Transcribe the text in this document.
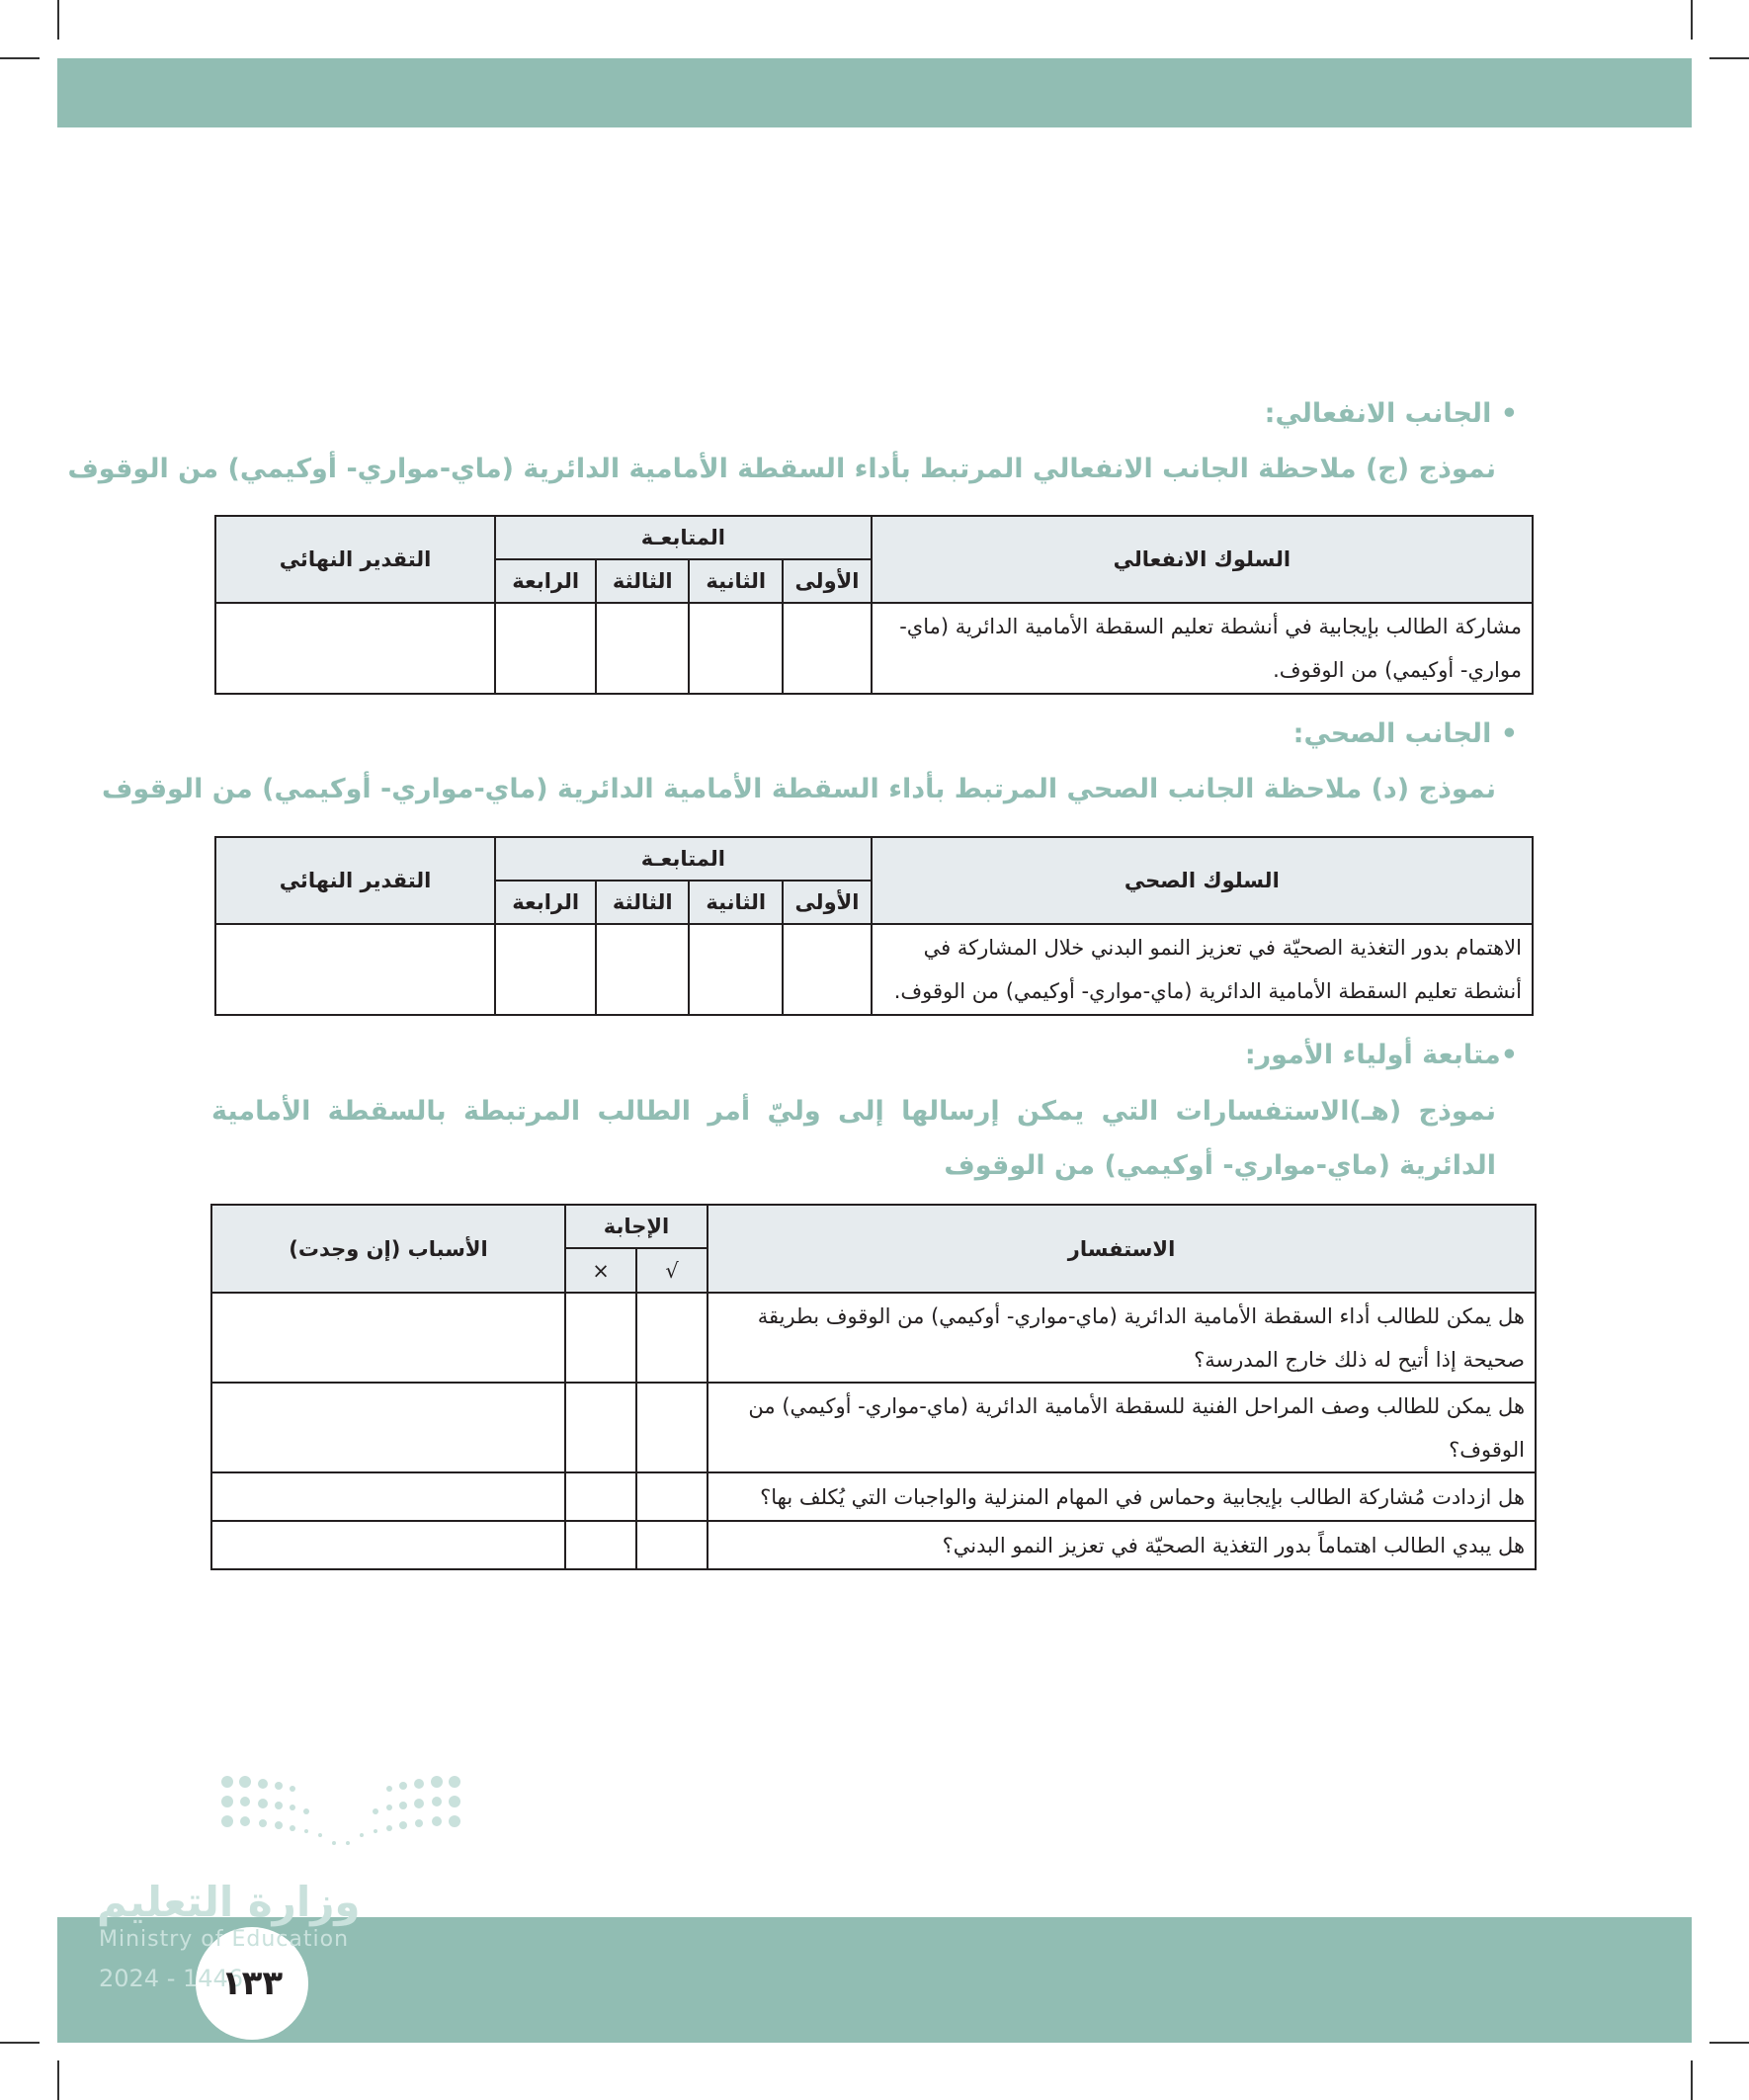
• الجانب الانفعالي:
نموذج (ج) ملاحظة الجانب الانفعالي المرتبط بأداء السقطة الأمامية الدائرية (ماي-مواري- أوكيمي) من الوقوف
السلوك الانفعالي	المتابعـة				التقدير النهائي
	الأولى	الثانية	الثالثة	الرابعة	
مشاركة الطالب بإيجابية في أنشطة تعليم السقطة الأمامية الدائرية (ماي-مواري- أوكيمي) من الوقوف.					
• الجانب الصحي:
نموذج (د) ملاحظة الجانب الصحي المرتبط بأداء السقطة الأمامية الدائرية (ماي-مواري- أوكيمي) من الوقوف
السلوك الصحي	المتابعـة				التقدير النهائي
	الأولى	الثانية	الثالثة	الرابعة	
الاهتمام بدور التغذية الصحيّة في تعزيز النمو البدني خلال المشاركة في أنشطة تعليم السقطة الأمامية الدائرية (ماي-مواري- أوكيمي) من الوقوف.					
•متابعة أولياء الأمور:
نموذج (هـ)الاستفسارات التي يمكن إرسالها إلى وليّ أمر الطالب المرتبطة بالسقطة الأمامية الدائرية (ماي-مواري- أوكيمي) من الوقوف
الاستفسار	الإجابة		الأسباب (إن وجدت)
	√	×	
هل يمكن للطالب أداء السقطة الأمامية الدائرية (ماي-مواري- أوكيمي) من الوقوف بطريقة صحيحة إذا أتيح له ذلك خارج المدرسة؟			
هل يمكن للطالب وصف المراحل الفنية للسقطة الأمامية الدائرية (ماي-مواري- أوكيمي) من الوقوف؟			
هل ازدادت مُشاركة الطالب بإيجابية وحماس في المهام المنزلية والواجبات التي يُكلف بها؟			
هل يبدي الطالب اهتماماً بدور التغذية الصحيّة في تعزيز النمو البدني؟			
وزارة التعليم
Ministry of Education
2024 - 1446
١٣٣
